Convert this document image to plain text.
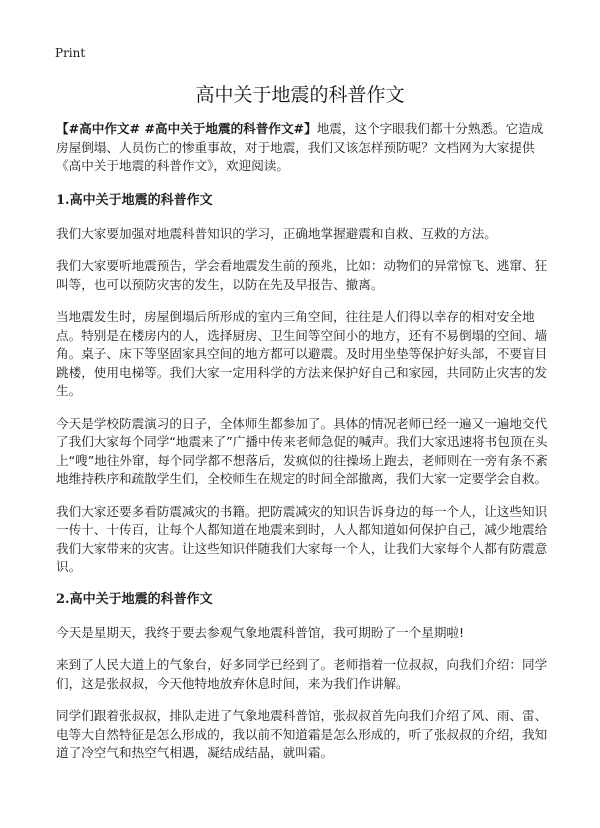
Print
高中关于地震的科普作文

【#高中作文# #高中关于地震的科普作文#】地震，这个字眼我们都十分熟悉。它造成房屋倒塌、人员伤亡的惨重事故，对于地震，我们又该怎样预防呢？文档网为大家提供《高中关于地震的科普作文》，欢迎阅读。

1.高中关于地震的科普作文

我们大家要加强对地震科普知识的学习，正确地掌握避震和自救、互救的方法。

我们大家要听地震预告，学会看地震发生前的预兆，比如：动物们的异常惊飞、逃窜、狂叫等，也可以预防灾害的发生，以防在先及早报告、撤离。

当地震发生时，房屋倒塌后所形成的室内三角空间，往往是人们得以幸存的相对安全地点。特别是在楼房内的人，选择厨房、卫生间等空间小的地方，还有不易倒塌的空间、墙角。桌子、床下等坚固家具空间的地方都可以避震。及时用坐垫等保护好头部，不要盲目跳楼，使用电梯等。我们大家一定用科学的方法来保护好自己和家园，共同防止灾害的发生。

今天是学校防震演习的日子，全体师生都参加了。具体的情况老师已经一遍又一遍地交代了我们大家每个同学“地震来了”广播中传来老师急促的喊声。我们大家迅速将书包顶在头上“嗖”地往外窜，每个同学都不想落后，发疯似的往操场上跑去，老师则在一旁有条不紊地维持秩序和疏散学生们，全校师生在规定的时间全部撤离，我们大家一定要学会自救。

我们大家还要多看防震减灾的书籍。把防震减灾的知识告诉身边的每一个人，让这些知识一传十、十传百，让每个人都知道在地震来到时，人人都知道如何保护自己，减少地震给我们大家带来的灾害。让这些知识伴随我们大家每一个人，让我们大家每个人都有防震意识。

2.高中关于地震的科普作文

今天是星期天，我终于要去参观气象地震科普馆，我可期盼了一个星期啦!

来到了人民大道上的气象台，好多同学已经到了。老师指着一位叔叔，向我们介绍：同学们，这是张叔叔，今天他特地放弃休息时间，来为我们作讲解。

同学们跟着张叔叔，排队走进了气象地震科普馆，张叔叔首先向我们介绍了风、雨、雷、电等大自然特征是怎么形成的，我以前不知道霜是怎么形成的，听了张叔叔的介绍，我知道了冷空气和热空气相遇，凝结成结晶，就叫霜。
